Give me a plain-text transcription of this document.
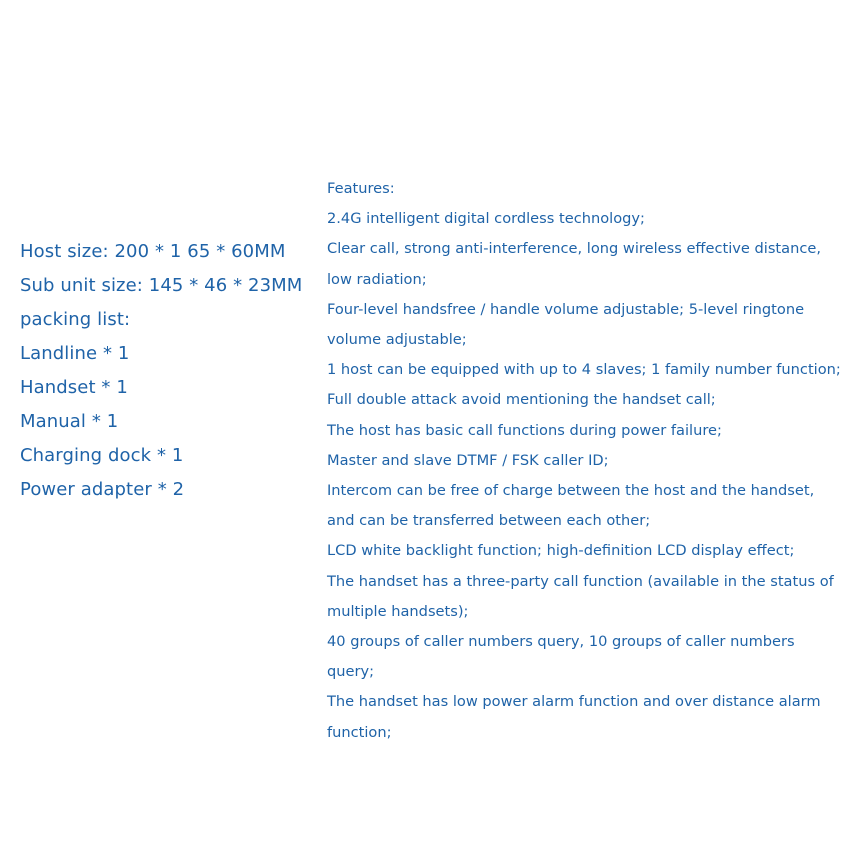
Host size: 200 * 1 65 * 60MM
Sub unit size: 145 * 46 * 23MM
packing list:
Landline * 1
Handset * 1
Manual * 1
Charging dock * 1
Power adapter * 2
Features:
2.4G intelligent digital cordless technology;
Clear call, strong anti-interference, long wireless effective distance, low radiation;
Four-level handsfree / handle volume adjustable; 5-level ringtone volume adjustable;
1 host can be equipped with up to 4 slaves; 1 family number function;
Full double attack avoid mentioning the handset call;
The host has basic call functions during power failure;
Master and slave DTMF / FSK caller ID;
Intercom can be free of charge between the host and the handset, and can be transferred between each other;
LCD white backlight function; high-definition LCD display effect;
The handset has a three-party call function (available in the status of multiple handsets);
40 groups of caller numbers query, 10 groups of caller numbers query;
The handset has low power alarm function and over distance alarm function;
